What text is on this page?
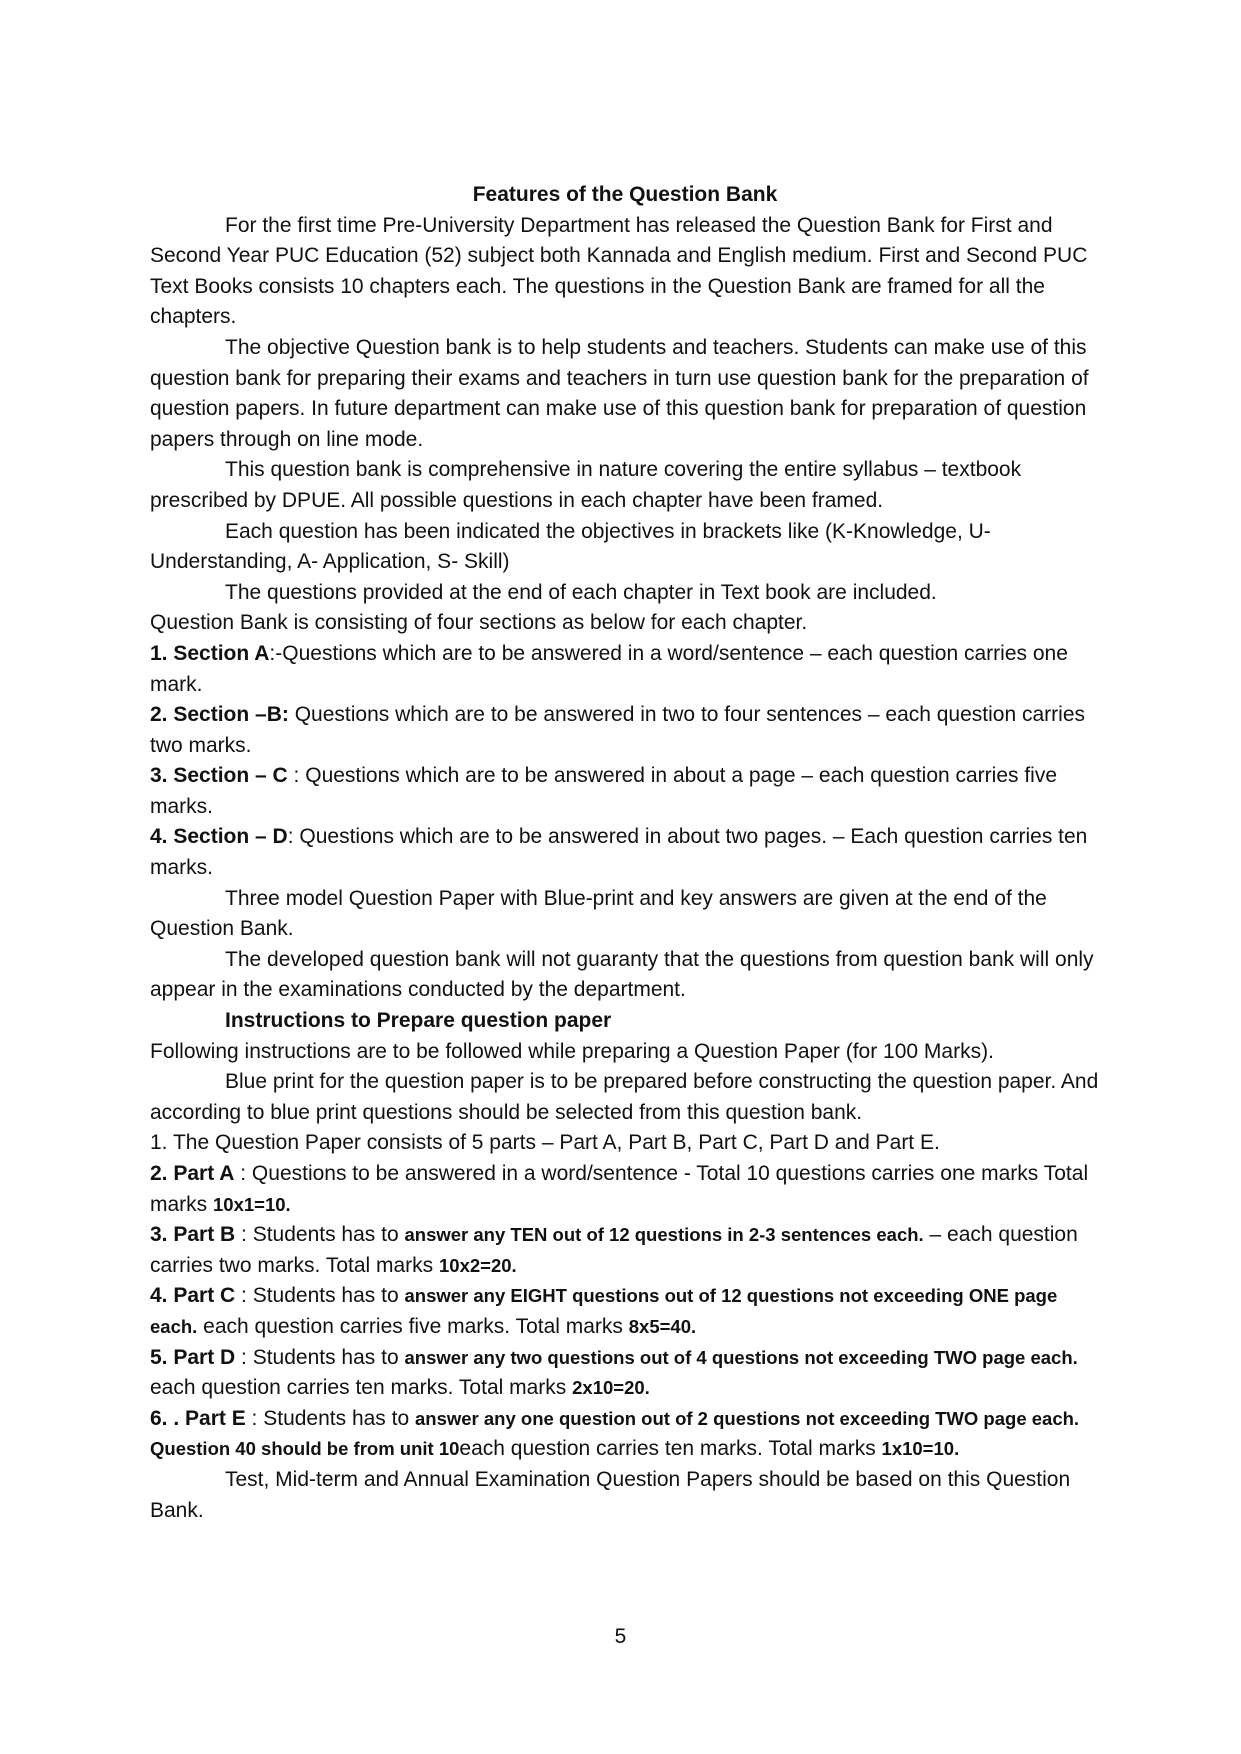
Features of the Question Bank

For the first time Pre-University Department has released the Question Bank for First and Second Year PUC Education (52) subject both Kannada and English medium. First and Second PUC Text Books consists 10 chapters each. The questions in the Question Bank are framed for all the chapters.

The objective Question bank is to help students and teachers. Students can make use of this question bank for preparing their exams and teachers in turn use question bank for the preparation of question papers. In future department can make use of this question bank for preparation of question papers through on line mode.

This question bank is comprehensive in nature covering the entire syllabus – textbook prescribed by DPUE. All possible questions in each chapter have been framed.

Each question has been indicated the objectives in brackets like (K-Knowledge, U-Understanding, A- Application, S- Skill)

The questions provided at the end of each chapter in Text book are included.

Question Bank is consisting of four sections as below for each chapter.

1. Section A:-Questions which are to be answered in a word/sentence – each question carries one mark.

2. Section –B: Questions which are to be answered in two to four sentences – each question carries two marks.

3. Section – C : Questions which are to be answered in about a page – each question carries five marks.

4. Section – D: Questions which are to be answered in about two pages. – Each question carries ten marks.

Three model Question Paper with Blue-print and key answers are given at the end of the Question Bank.

The developed question bank will not guaranty that the questions from question bank will only appear in the examinations conducted by the department.

Instructions to Prepare question paper

Following instructions are to be followed while preparing a Question Paper (for 100 Marks).

Blue print for the question paper is to be prepared before constructing the question paper. And according to blue print questions should be selected from this question bank.

1. The Question Paper consists of 5 parts – Part A, Part B, Part C, Part D and Part E.

2. Part A : Questions to be answered in a word/sentence - Total 10 questions carries one marks Total marks 10x1=10.

3. Part B : Students has to answer any TEN out of 12 questions in 2-3 sentences each. – each question carries two marks. Total marks 10x2=20.

4. Part C : Students has to answer any EIGHT questions out of 12 questions not exceeding ONE page each. each question carries five marks. Total marks 8x5=40.

5. Part D : Students has to answer any two questions out of 4 questions not exceeding TWO page each. each question carries ten marks. Total marks 2x10=20.

6. . Part E : Students has to answer any one question out of 2 questions not exceeding TWO page each. Question 40 should be from unit 10each question carries ten marks. Total marks 1x10=10.

Test, Mid-term and Annual Examination Question Papers should be based on this Question Bank.

5
